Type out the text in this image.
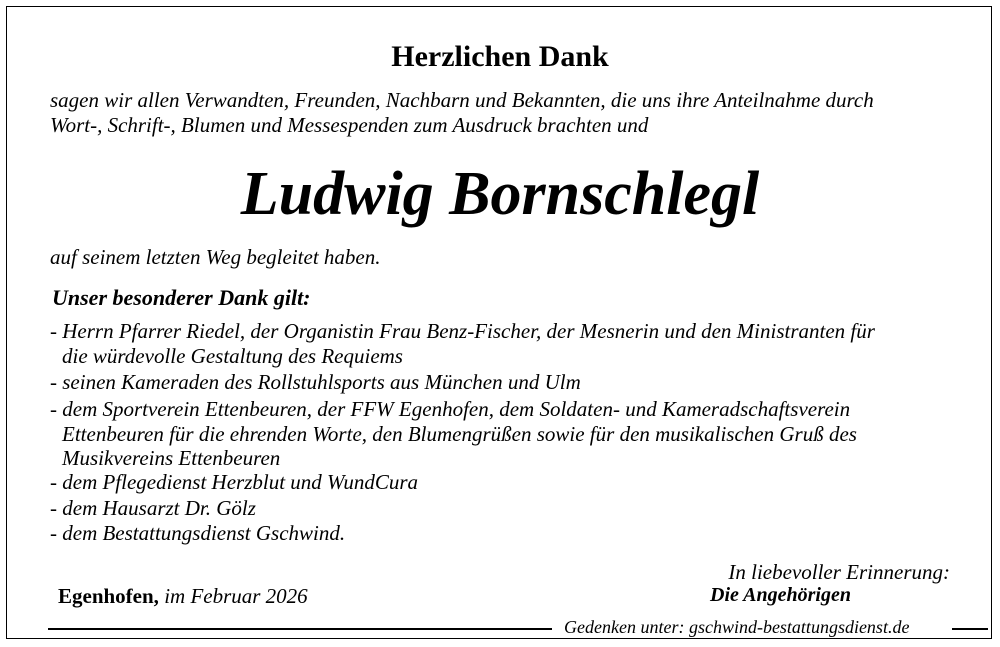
Herzlichen Dank
sagen wir allen Verwandten, Freunden, Nachbarn und Bekannten, die uns ihre Anteilnahme durch
Wort-, Schrift-, Blumen und Messespenden zum Ausdruck brachten und
Ludwig Bornschlegl
auf seinem letzten Weg begleitet haben.
Unser besonderer Dank gilt:
- Herrn Pfarrer Riedel, der Organistin Frau Benz-Fischer, der Mesnerin und den Ministranten für
die würdevolle Gestaltung des Requiems
- seinen Kameraden des Rollstuhlsports aus München und Ulm
- dem Sportverein Ettenbeuren, der FFW Egenhofen, dem Soldaten- und Kameradschaftsverein
Ettenbeuren für die ehrenden Worte, den Blumengrüßen sowie für den musikalischen Gruß des
Musikvereins Ettenbeuren
- dem Pflegedienst Herzblut und WundCura
- dem Hausarzt Dr. Gölz
- dem Bestattungsdienst Gschwind.
Egenhofen, im Februar 2026
In liebevoller Erinnerung:
Die Angehörigen
Gedenken unter: gschwind-bestattungsdienst.de
